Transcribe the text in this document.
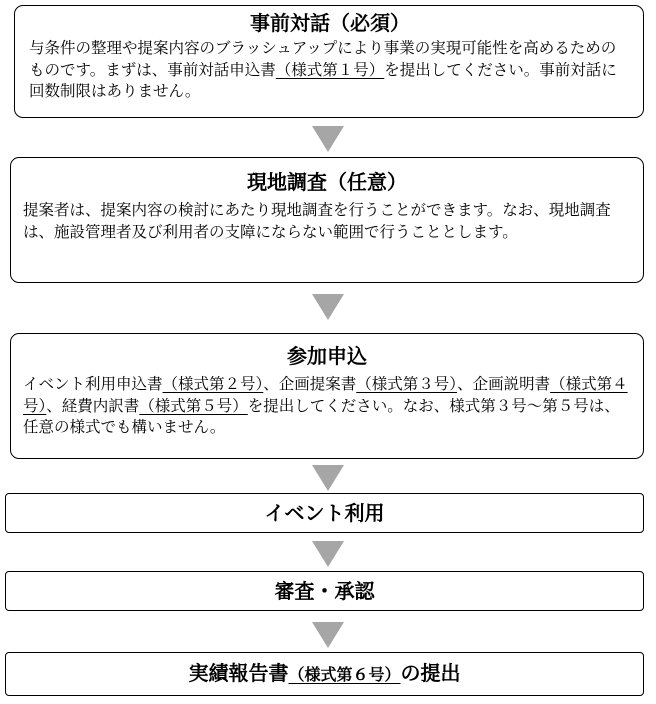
事前対話（必須）
与条件の整理や提案内容のブラッシュアップにより事業の実現可能性を高めるためのものです。まずは、事前対話申込書（様式第１号）を提出してください。事前対話に回数制限はありません。
現地調査（任意）
提案者は、提案内容の検討にあたり現地調査を行うことができます。なお、現地調査は、施設管理者及び利用者の支障にならない範囲で行うこととします。
参加申込
イベント利用申込書（様式第２号）、企画提案書（様式第３号）、企画説明書（様式第４号）、経費内訳書（様式第５号）を提出してください。なお、様式第３号～第５号は、任意の様式でも構いません。
イベント利用
審査・承認
実績報告書（様式第６号）の提出
